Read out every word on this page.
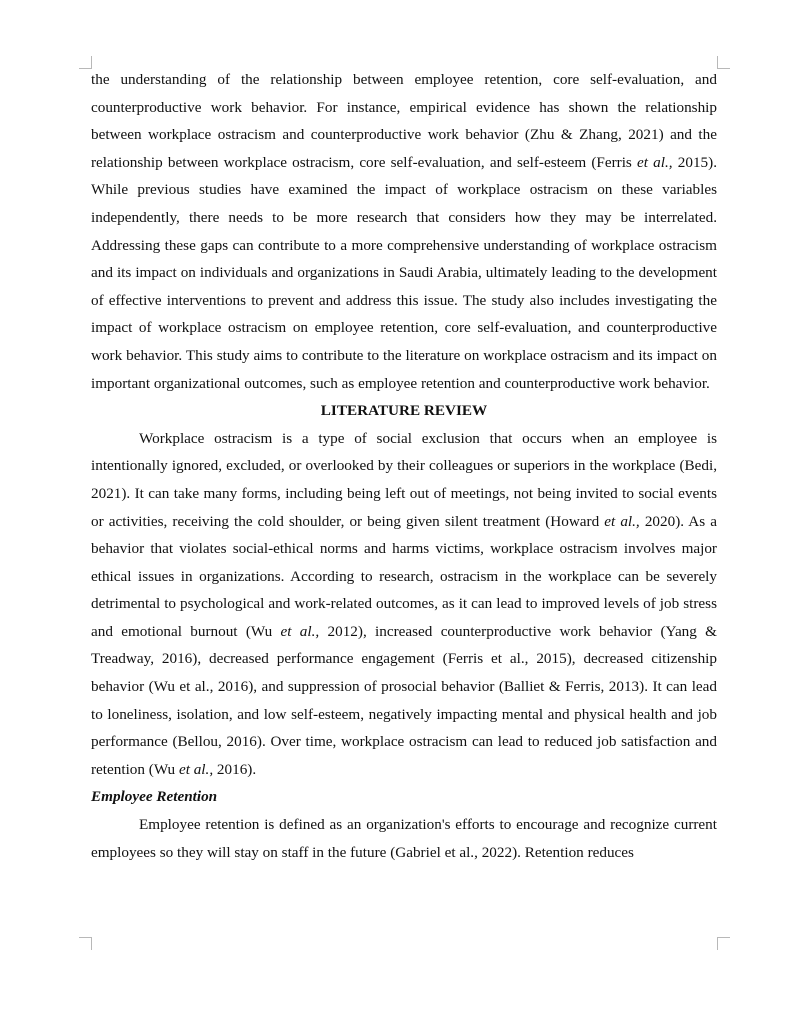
the understanding of the relationship between employee retention, core self-evaluation, and counterproductive work behavior. For instance, empirical evidence has shown the relationship between workplace ostracism and counterproductive work behavior (Zhu & Zhang, 2021) and the relationship between workplace ostracism, core self-evaluation, and self-esteem (Ferris et al., 2015). While previous studies have examined the impact of workplace ostracism on these variables independently, there needs to be more research that considers how they may be interrelated. Addressing these gaps can contribute to a more comprehensive understanding of workplace ostracism and its impact on individuals and organizations in Saudi Arabia, ultimately leading to the development of effective interventions to prevent and address this issue. The study also includes investigating the impact of workplace ostracism on employee retention, core self-evaluation, and counterproductive work behavior. This study aims to contribute to the literature on workplace ostracism and its impact on important organizational outcomes, such as employee retention and counterproductive work behavior.

LITERATURE REVIEW

Workplace ostracism is a type of social exclusion that occurs when an employee is intentionally ignored, excluded, or overlooked by their colleagues or superiors in the workplace (Bedi, 2021). It can take many forms, including being left out of meetings, not being invited to social events or activities, receiving the cold shoulder, or being given silent treatment (Howard et al., 2020). As a behavior that violates social-ethical norms and harms victims, workplace ostracism involves major ethical issues in organizations. According to research, ostracism in the workplace can be severely detrimental to psychological and work-related outcomes, as it can lead to improved levels of job stress and emotional burnout (Wu et al., 2012), increased counterproductive work behavior (Yang & Treadway, 2016), decreased performance engagement (Ferris et al., 2015), decreased citizenship behavior (Wu et al., 2016), and suppression of prosocial behavior (Balliet & Ferris, 2013). It can lead to loneliness, isolation, and low self-esteem, negatively impacting mental and physical health and job performance (Bellou, 2016). Over time, workplace ostracism can lead to reduced job satisfaction and retention (Wu et al., 2016).

Employee Retention

Employee retention is defined as an organization's efforts to encourage and recognize current employees so they will stay on staff in the future (Gabriel et al., 2022). Retention reduces
